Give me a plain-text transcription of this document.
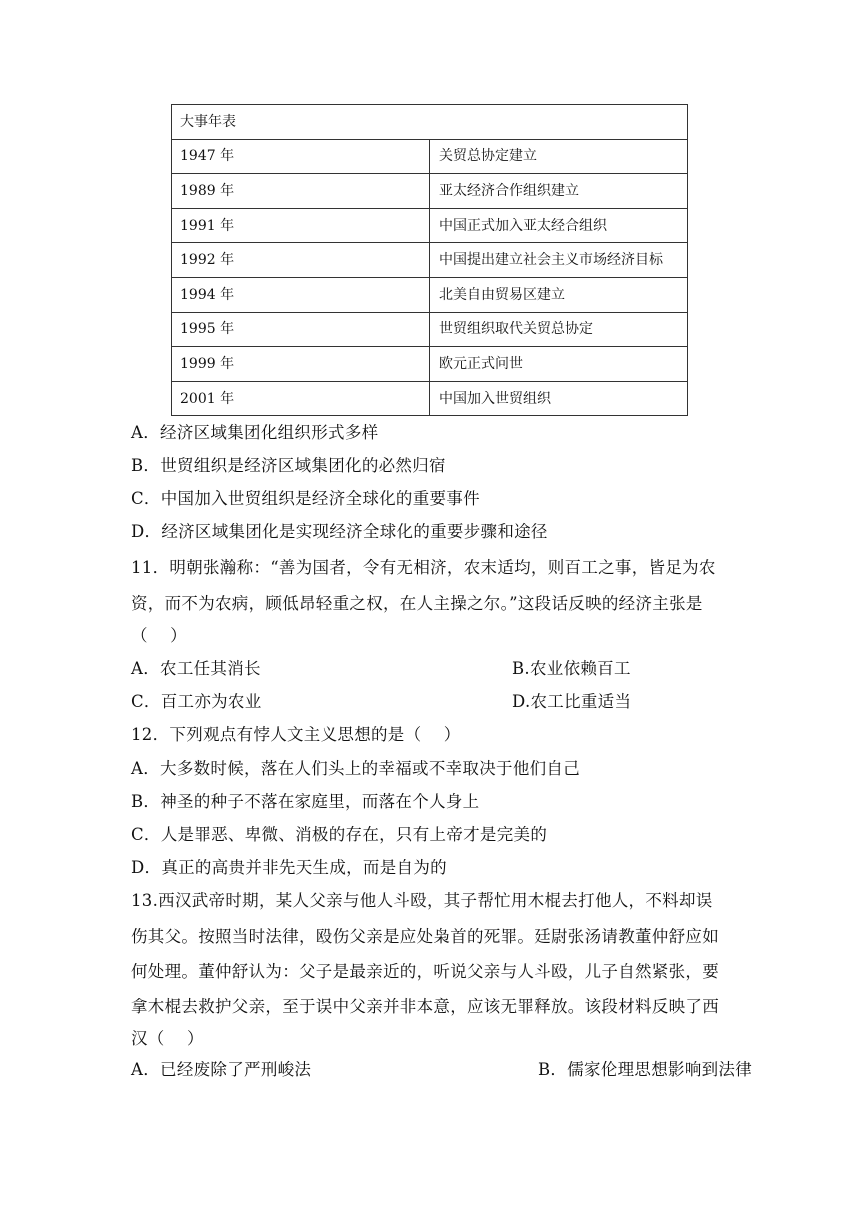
大事年表	
1947 年	关贸总协定建立
1989 年	亚太经济合作组织建立
1991 年	中国正式加入亚太经合组织
1992 年	中国提出建立社会主义市场经济目标
1994 年	北美自由贸易区建立
1995 年	世贸组织取代关贸总协定
1999 年	欧元正式问世
2001 年	中国加入世贸组织
A．经济区域集团化组织形式多样
B．世贸组织是经济区域集团化的必然归宿
C．中国加入世贸组织是经济全球化的重要事件
D．经济区域集团化是实现经济全球化的重要步骤和途径
11．明朝张瀚称：“善为国者，令有无相济，农末适均，则百工之事，皆足为农
资，而不为农病，顾低昂轻重之权，在人主操之尔。”这段话反映的经济主张是
（　 ）
A．农工任其消长	B.农业依赖百工
C．百工亦为农业	D.农工比重适当
12．下列观点有悖人文主义思想的是（　 ）
A．大多数时候，落在人们头上的幸福或不幸取决于他们自己
B．神圣的种子不落在家庭里，而落在个人身上
C．人是罪恶、卑微、消极的存在，只有上帝才是完美的
D．真正的高贵并非先天生成，而是自为的
13.西汉武帝时期，某人父亲与他人斗殴，其子帮忙用木棍去打他人，不料却误
伤其父。按照当时法律，殴伤父亲是应处枭首的死罪。廷尉张汤请教董仲舒应如
何处理。董仲舒认为：父子是最亲近的，听说父亲与人斗殴，儿子自然紧张，要
拿木棍去救护父亲，至于误中父亲并非本意，应该无罪释放。该段材料反映了西
汉（　 ）
A．已经废除了严刑峻法	B．儒家伦理思想影响到法律
